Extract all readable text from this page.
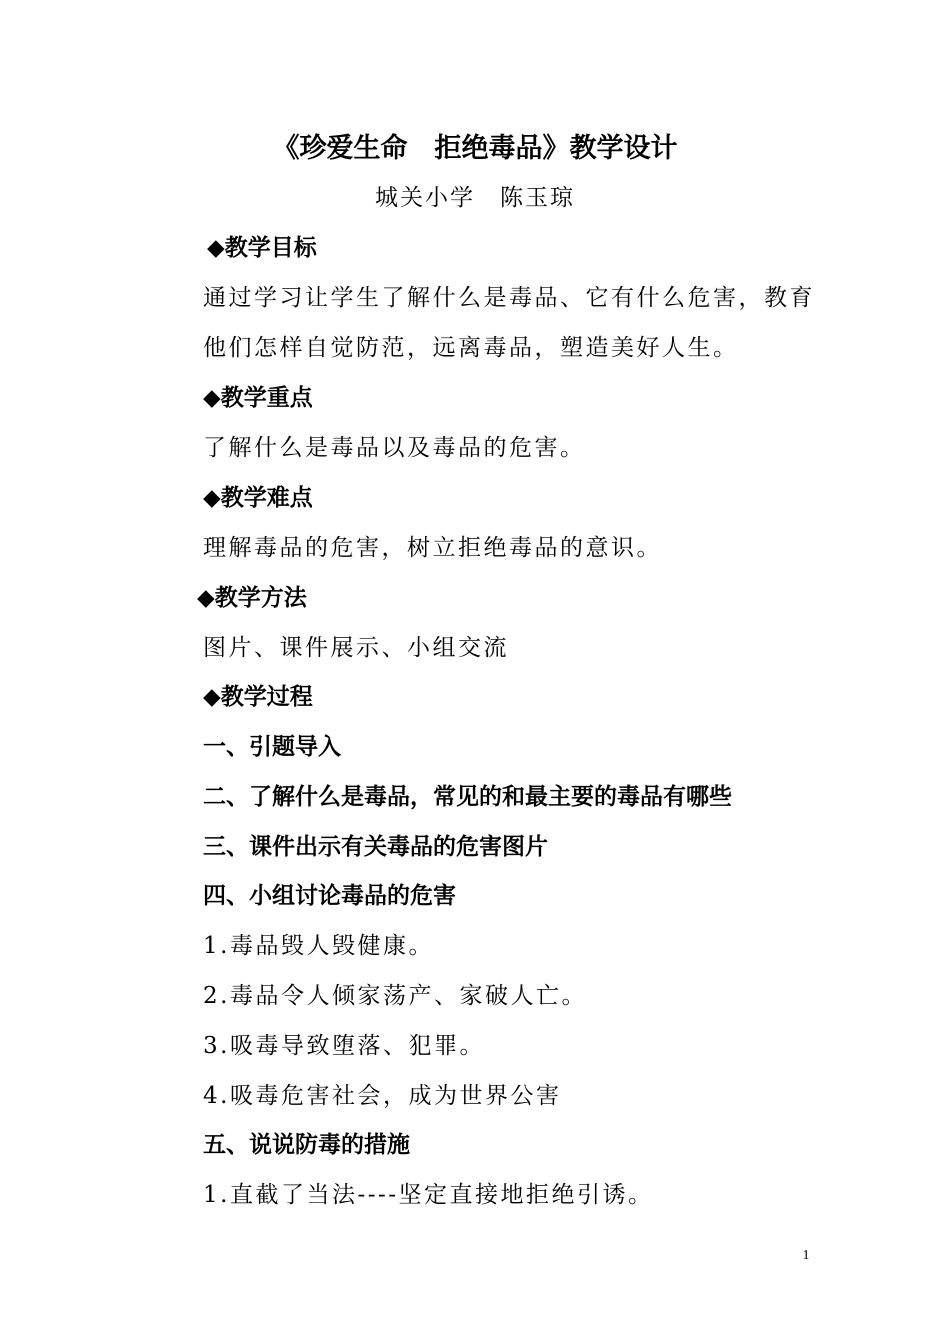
《珍爱生命　拒绝毒品》教学设计
城关小学　陈玉琼
◆教学目标
通过学习让学生了解什么是毒品、它有什么危害，教育
他们怎样自觉防范，远离毒品，塑造美好人生。
◆教学重点
了解什么是毒品以及毒品的危害。
◆教学难点
理解毒品的危害，树立拒绝毒品的意识。
◆教学方法
图片、课件展示、小组交流
◆教学过程
一、引题导入
二、了解什么是毒品，常见的和最主要的毒品有哪些
三、课件出示有关毒品的危害图片
四、小组讨论毒品的危害
1.毒品毁人毁健康。
2.毒品令人倾家荡产、家破人亡。
3.吸毒导致堕落、犯罪。
4.吸毒危害社会，成为世界公害
五、说说防毒的措施
1.直截了当法----坚定直接地拒绝引诱。
1
